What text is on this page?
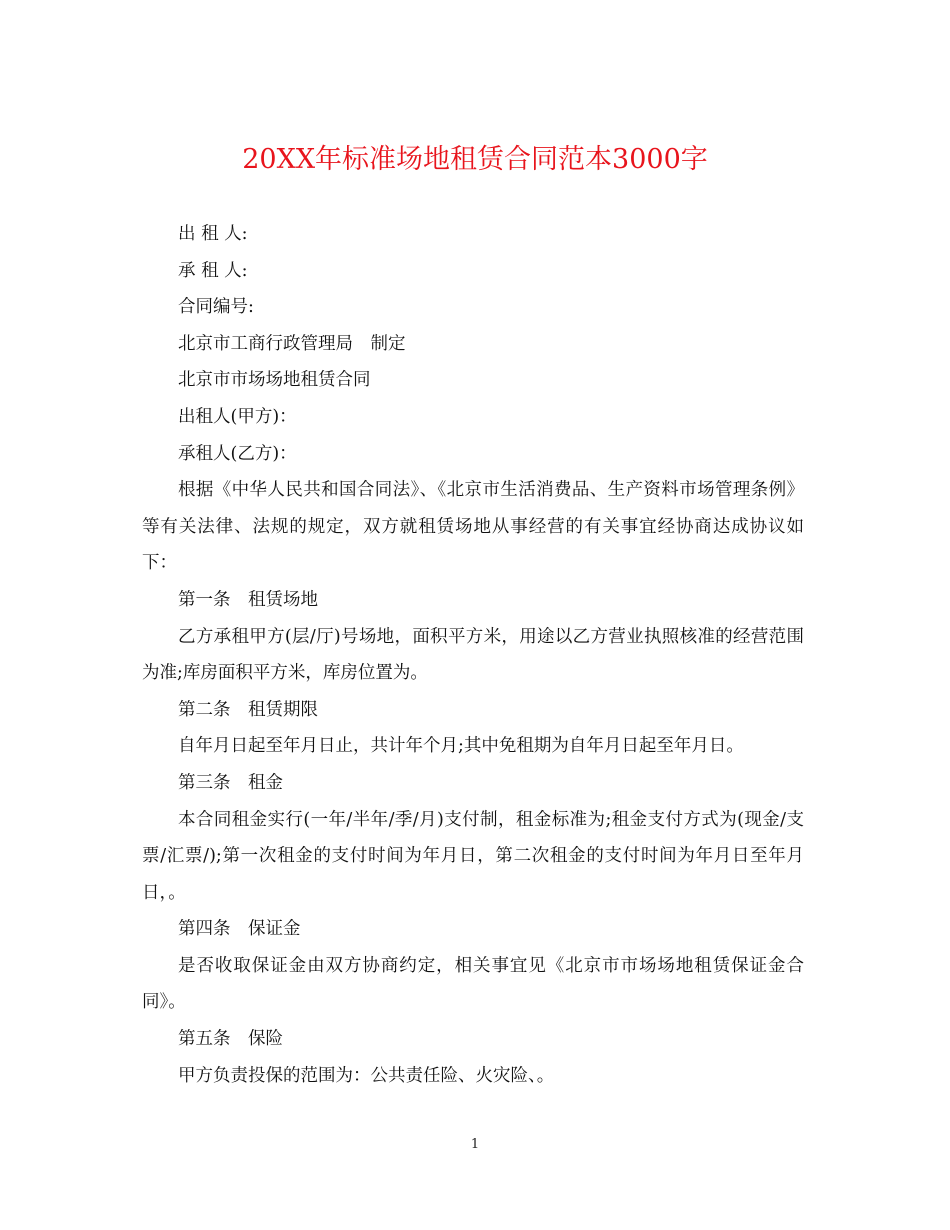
20XX年标准场地租赁合同范本3000字

出 租 人:

承 租 人:

合同编号:

北京市工商行政管理局　制定

北京市市场场地租赁合同

出租人(甲方)：

承租人(乙方)：

根据《中华人民共和国合同法》、《北京市生活消费品、生产资料市场管理条例》等有关法律、法规的规定，双方就租赁场地从事经营的有关事宜经协商达成协议如下：

第一条　租赁场地

乙方承租甲方(层/厅)号场地，面积平方米，用途以乙方营业执照核准的经营范围为准;库房面积平方米，库房位置为。

第二条　租赁期限

自年月日起至年月日止，共计年个月;其中免租期为自年月日起至年月日。

第三条　租金

本合同租金实行(一年/半年/季/月)支付制，租金标准为;租金支付方式为(现金/支票/汇票/);第一次租金的支付时间为年月日，第二次租金的支付时间为年月日至年月日，。

第四条　保证金

是否收取保证金由双方协商约定，相关事宜见《北京市市场场地租赁保证金合同》。

第五条　保险

甲方负责投保的范围为：公共责任险、火灾险、。

1
